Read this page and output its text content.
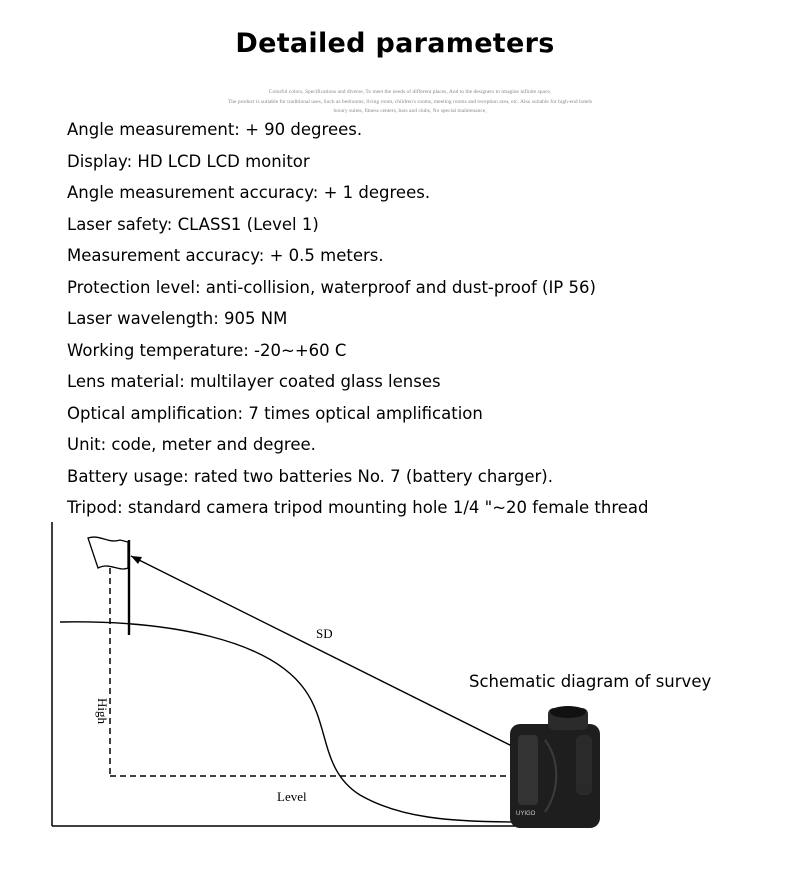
Detailed parameters
Colorful colors, Specifications and diverse, To meet the needs of different places, And to the designers to imagine infinite space,
The product is suitable for traditional uses, Such as bedrooms, living room, children's rooms, meeting rooms and reception area, etc. Also suitable for high-end hotels
luxury suites, fitness centers, bars and clubs, No special maintenance,
Angle measurement: + 90 degrees.
Display: HD LCD LCD monitor
Angle measurement accuracy: + 1 degrees.
Laser safety: CLASS1 (Level 1)
Measurement accuracy: + 0.5 meters.
Protection level: anti-collision, waterproof and dust-proof (IP 56)
Laser wavelength: 905 NM
Working temperature: -20~+60 C
Lens material: multilayer coated glass lenses
Optical amplification: 7 times optical amplification
Unit: code, meter and degree.
Battery usage: rated two batteries No. 7 (battery charger).
Tripod: standard camera tripod mounting hole 1/4 "~20 female thread
UYIGO
SD
Level
High
Schematic diagram of survey
